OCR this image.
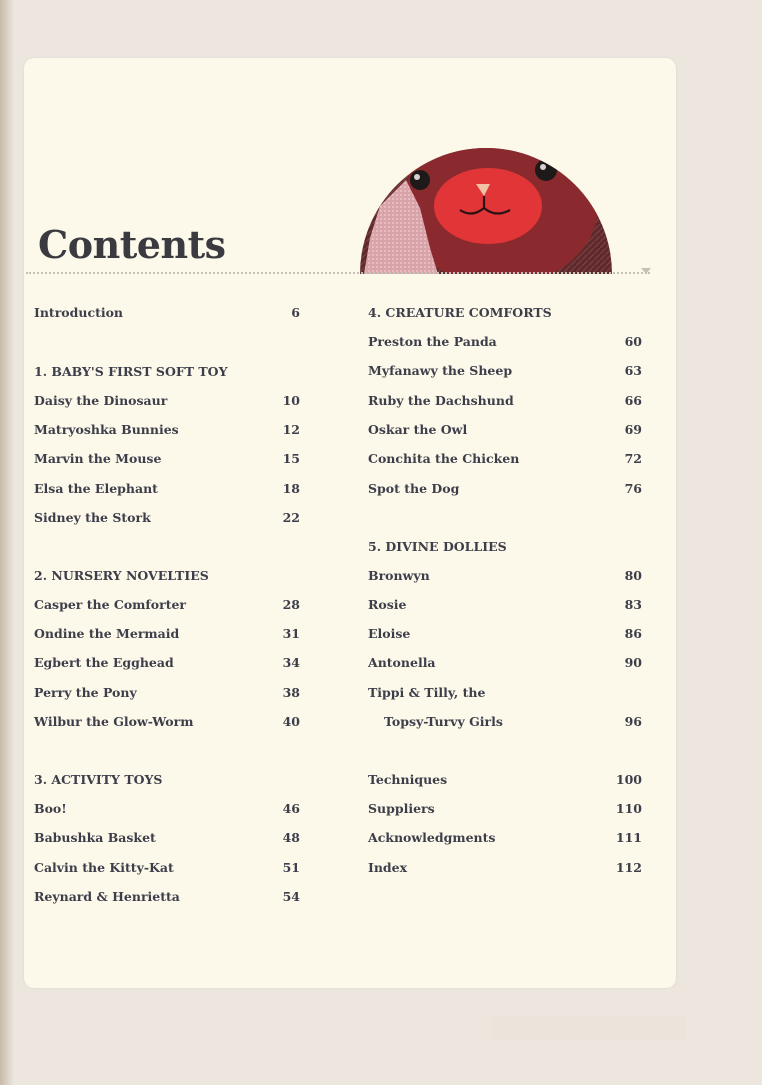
Contents
Introduction	6
1. BABY'S FIRST SOFT TOY
Daisy the Dinosaur	10
Matryoshka Bunnies	12
Marvin the Mouse	15
Elsa the Elephant	18
Sidney the Stork	22
2. NURSERY NOVELTIES
Casper the Comforter	28
Ondine the Mermaid	31
Egbert the Egghead	34
Perry the Pony	38
Wilbur the Glow-Worm	40
3. ACTIVITY TOYS
Boo!	46
Babushka Basket	48
Calvin the Kitty-Kat	51
Reynard & Henrietta	54
4. CREATURE COMFORTS
Preston the Panda	60
Myfanawy the Sheep	63
Ruby the Dachshund	66
Oskar the Owl	69
Conchita the Chicken	72
Spot the Dog	76
5. DIVINE DOLLIES
Bronwyn	80
Rosie	83
Eloise	86
Antonella	90
Tippi & Tilly, the
Topsy-Turvy Girls	96
Techniques	100
Suppliers	110
Acknowledgments	111
Index	112
